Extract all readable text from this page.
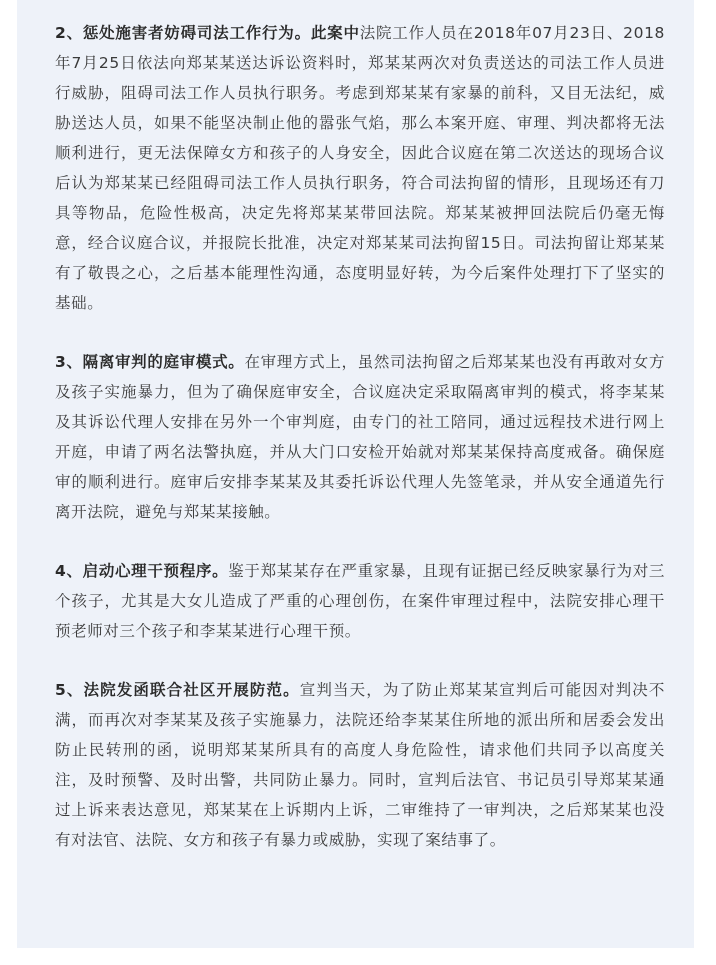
2、惩处施害者妨碍司法工作行为。此案中法院工作人员在2018年07月23日、2018年7月25日依法向郑某某送达诉讼资料时，郑某某两次对负责送达的司法工作人员进行威胁，阻碍司法工作人员执行职务。考虑到郑某某有家暴的前科，又目无法纪，威胁送达人员，如果不能坚决制止他的嚣张气焰，那么本案开庭、审理、判决都将无法顺利进行，更无法保障女方和孩子的人身安全，因此合议庭在第二次送达的现场合议后认为郑某某已经阻碍司法工作人员执行职务，符合司法拘留的情形，且现场还有刀具等物品，危险性极高，决定先将郑某某带回法院。郑某某被押回法院后仍毫无悔意，经合议庭合议，并报院长批准，决定对郑某某司法拘留15日。司法拘留让郑某某有了敬畏之心，之后基本能理性沟通，态度明显好转，为今后案件处理打下了坚实的基础。

3、隔离审判的庭审模式。在审理方式上，虽然司法拘留之后郑某某也没有再敢对女方及孩子实施暴力，但为了确保庭审安全，合议庭决定采取隔离审判的模式，将李某某及其诉讼代理人安排在另外一个审判庭，由专门的社工陪同，通过远程技术进行网上开庭，申请了两名法警执庭，并从大门口安检开始就对郑某某保持高度戒备。确保庭审的顺利进行。庭审后安排李某某及其委托诉讼代理人先签笔录，并从安全通道先行离开法院，避免与郑某某接触。

4、启动心理干预程序。鉴于郑某某存在严重家暴，且现有证据已经反映家暴行为对三个孩子，尤其是大女儿造成了严重的心理创伤，在案件审理过程中，法院安排心理干预老师对三个孩子和李某某进行心理干预。

5、法院发函联合社区开展防范。宣判当天，为了防止郑某某宣判后可能因对判决不满，而再次对李某某及孩子实施暴力，法院还给李某某住所地的派出所和居委会发出防止民转刑的函，说明郑某某所具有的高度人身危险性，请求他们共同予以高度关注，及时预警、及时出警，共同防止暴力。同时，宣判后法官、书记员引导郑某某通过上诉来表达意见，郑某某在上诉期内上诉，二审维持了一审判决，之后郑某某也没有对法官、法院、女方和孩子有暴力或威胁，实现了案结事了。
